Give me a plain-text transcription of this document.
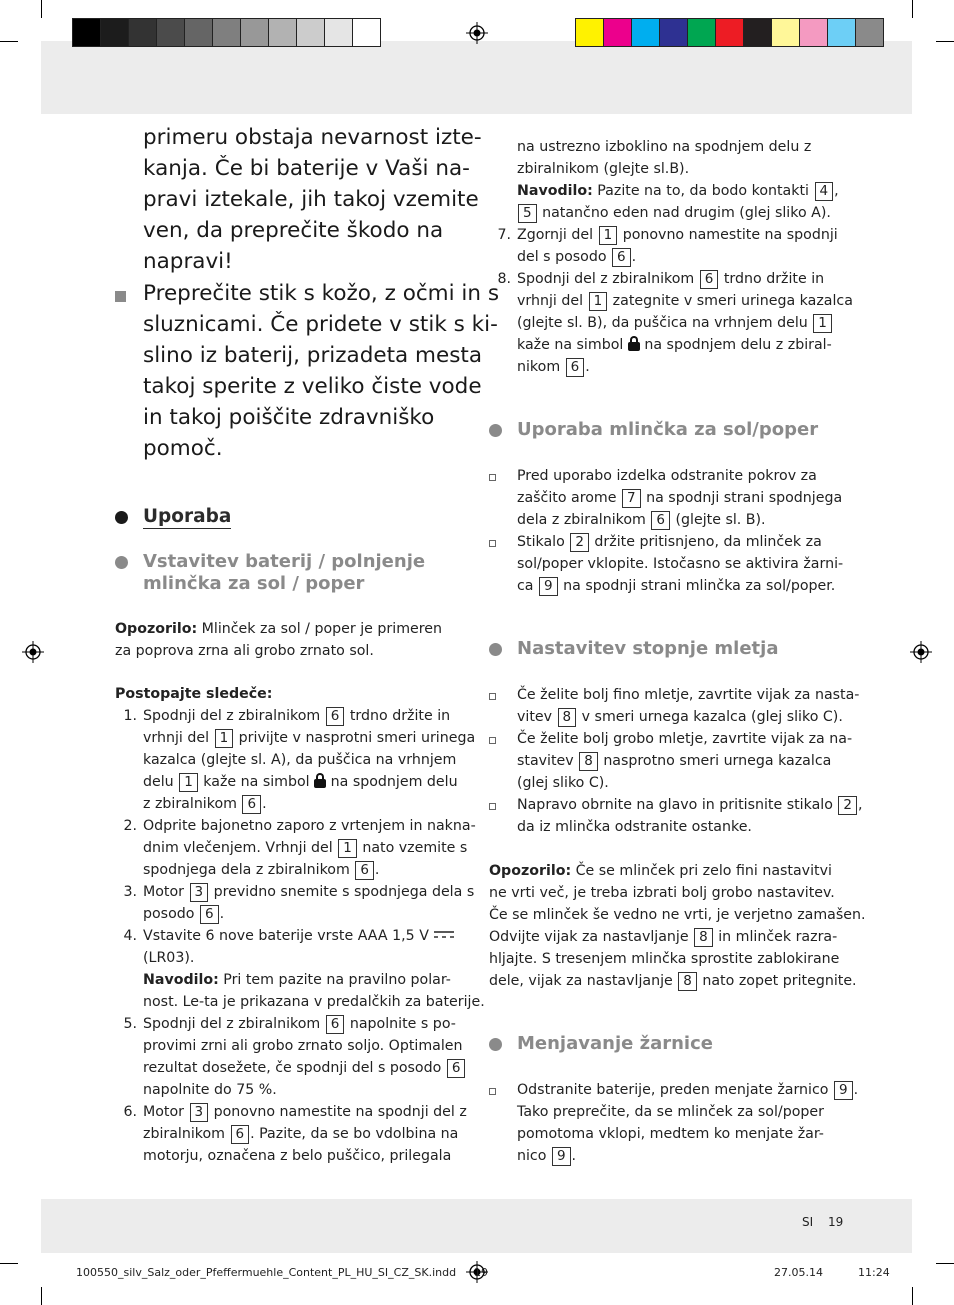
primeru obstaja nevarnost izte-
kanja. Če bi baterije v Vaši na-
pravi iztekale, jih takoj vzemite
ven, da preprečite škodo na
napravi!
Preprečite stik s kožo, z očmi in s
sluznicami. Če pridete v stik s ki-
slino iz baterij, prizadeta mesta
takoj sperite z veliko čiste vode
in takoj poiščite zdravniško
pomoč.
Uporaba
Vstavitev baterij / polnjenje
mlinčka za sol / poper
Opozorilo: Mlinček za sol / poper je primeren
za poprova zrna ali grobo zrnato sol.
Postopajte sledeče:
1. Spodnji del z zbiralnikom 6 trdno držite in
vrhnji del 1 privijte v nasprotni smeri urinega
kazalca (glejte sl. A), da puščica na vrhnjem
delu 1 kaže na simbol na spodnjem delu
z zbiralnikom 6 .
2. Odprite bajonetno zaporo z vrtenjem in nakna-
dnim vlečenjem. Vrhnji del 1 nato vzemite s
spodnjega dela z zbiralnikom 6 .
3. Motor 3 previdno snemite s spodnjega dela s
posodo 6 .
4. Vstavite 6 nove baterije vrste AAA 1,5 V
(LR03).
Navodilo: Pri tem pazite na pravilno polar-
nost. Le-ta je prikazana v predalčkih za baterije.
5. Spodnji del z zbiralnikom 6 napolnite s po-
provimi zrni ali grobo zrnato soljo. Optimalen
rezultat dosežete, če spodnji del s posodo 6
napolnite do 75 %.
6. Motor 3 ponovno namestite na spodnji del z
zbiralnikom 6 . Pazite, da se bo vdolbina na
motorju, označena z belo puščico, prilegala
na ustrezno izboklino na spodnjem delu z
zbiralnikom (glejte sl.B).
Navodilo: Pazite na to, da bodo kontakti 4 ,
5 natančno eden nad drugim (glej sliko A).
7. Zgornji del 1 ponovno namestite na spodnji
del s posodo 6 .
8. Spodnji del z zbiralnikom 6 trdno držite in
vrhnji del 1 zategnite v smeri urinega kazalca
(glejte sl. B), da puščica na vrhnjem delu 1
kaže na simbol na spodnjem delu z zbiral-
nikom 6 .
Uporaba mlinčka za sol/poper
Pred uporabo izdelka odstranite pokrov za
zaščito arome 7 na spodnji strani spodnjega
dela z zbiralnikom 6 (glejte sl. B).
Stikalo 2 držite pritisnjeno, da mlinček za
sol/poper vklopite. Istočasno se aktivira žarni-
ca 9 na spodnji strani mlinčka za sol/poper.
Nastavitev stopnje mletja
Če želite bolj fino mletje, zavrtite vijak za nasta-
vitev 8 v smeri urnega kazalca (glej sliko C).
Če želite bolj grobo mletje, zavrtite vijak za na-
stavitev 8 nasprotno smeri urnega kazalca
(glej sliko C).
Napravo obrnite na glavo in pritisnite stikalo 2 ,
da iz mlinčka odstranite ostanke.
Opozorilo: Če se mlinček pri zelo fini nastavitvi
ne vrti več, je treba izbrati bolj grobo nastavitev.
Če se mlinček še vedno ne vrti, je verjetno zamašen.
Odvijte vijak za nastavljanje 8 in mlinček razra-
hljajte. S tresenjem mlinčka sprostite zablokirane
dele, vijak za nastavljanje 8 nato zopet pritegnite.
Menjavanje žarnice
Odstranite baterije, preden menjate žarnico 9 .
Tako preprečite, da se mlinček za sol/poper
pomotoma vklopi, medtem ko menjate žar-
nico 9 .
SI 19
100550_silv_Salz_oder_Pfeffermuehle_Content_PL_HU_SI_CZ_SK.indd 19	27.05.14	11:24
